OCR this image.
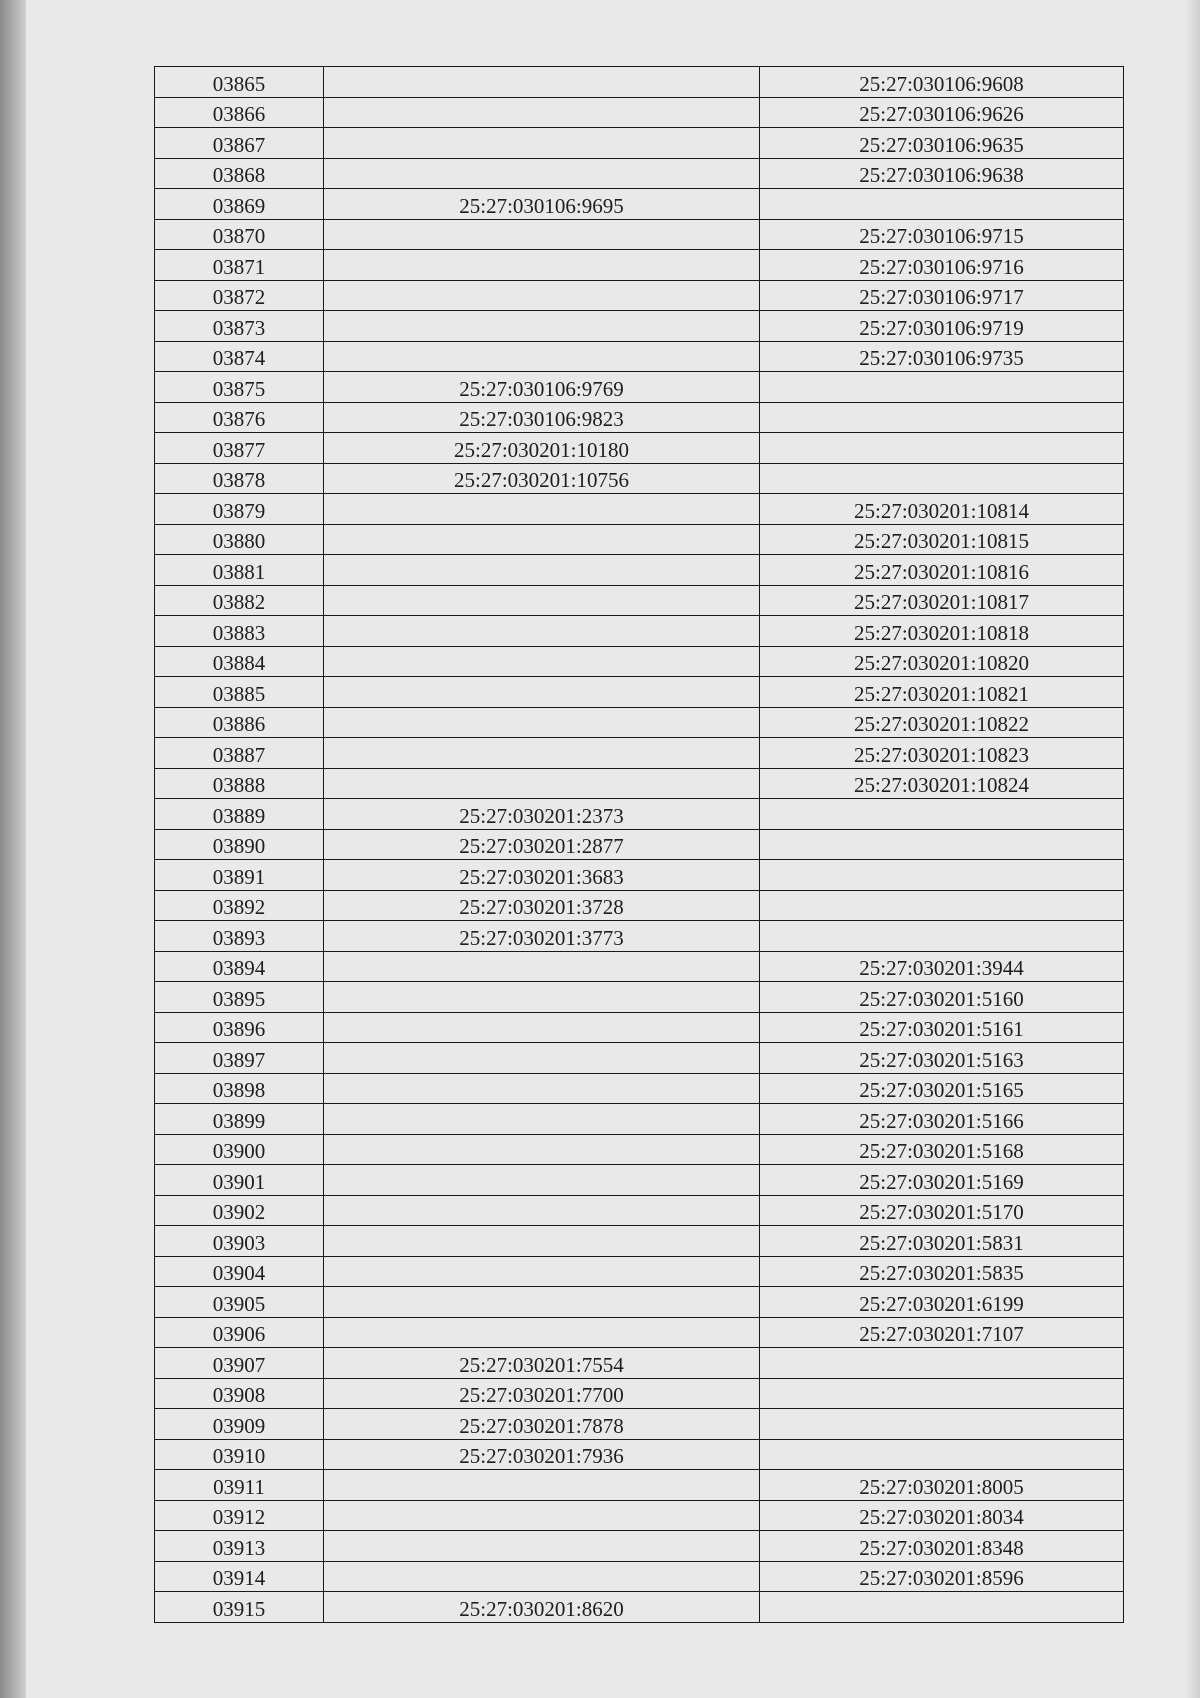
03865		25:27:030106:9608
03866		25:27:030106:9626
03867		25:27:030106:9635
03868		25:27:030106:9638
03869	25:27:030106:9695	
03870		25:27:030106:9715
03871		25:27:030106:9716
03872		25:27:030106:9717
03873		25:27:030106:9719
03874		25:27:030106:9735
03875	25:27:030106:9769	
03876	25:27:030106:9823	
03877	25:27:030201:10180	
03878	25:27:030201:10756	
03879		25:27:030201:10814
03880		25:27:030201:10815
03881		25:27:030201:10816
03882		25:27:030201:10817
03883		25:27:030201:10818
03884		25:27:030201:10820
03885		25:27:030201:10821
03886		25:27:030201:10822
03887		25:27:030201:10823
03888		25:27:030201:10824
03889	25:27:030201:2373	
03890	25:27:030201:2877	
03891	25:27:030201:3683	
03892	25:27:030201:3728	
03893	25:27:030201:3773	
03894		25:27:030201:3944
03895		25:27:030201:5160
03896		25:27:030201:5161
03897		25:27:030201:5163
03898		25:27:030201:5165
03899		25:27:030201:5166
03900		25:27:030201:5168
03901		25:27:030201:5169
03902		25:27:030201:5170
03903		25:27:030201:5831
03904		25:27:030201:5835
03905		25:27:030201:6199
03906		25:27:030201:7107
03907	25:27:030201:7554	
03908	25:27:030201:7700	
03909	25:27:030201:7878	
03910	25:27:030201:7936	
03911		25:27:030201:8005
03912		25:27:030201:8034
03913		25:27:030201:8348
03914		25:27:030201:8596
03915	25:27:030201:8620	
